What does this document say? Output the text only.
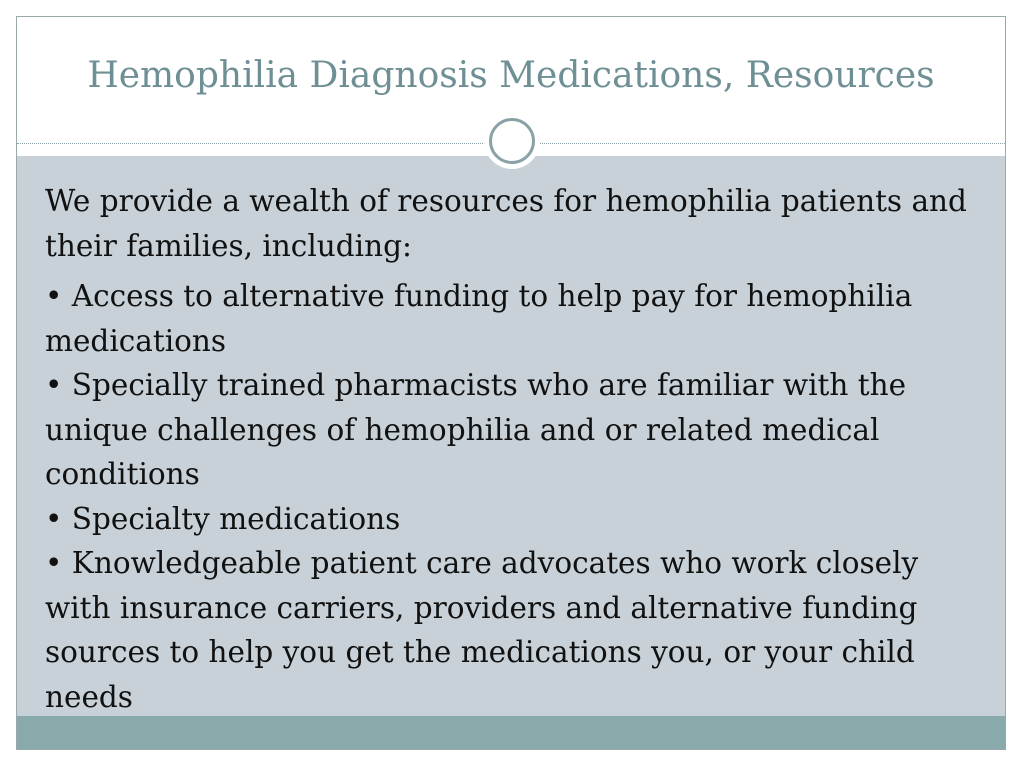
Hemophilia Diagnosis Medications, Resources

We provide a wealth of resources for hemophilia patients and their families, including:

• Access to alternative funding to help pay for hemophilia medications

• Specially trained pharmacists who are familiar with the unique challenges of hemophilia and or related medical conditions

• Specialty medications

• Knowledgeable patient care advocates who work closely with insurance carriers, providers and alternative funding sources to help you get the medications you, or your child needs
